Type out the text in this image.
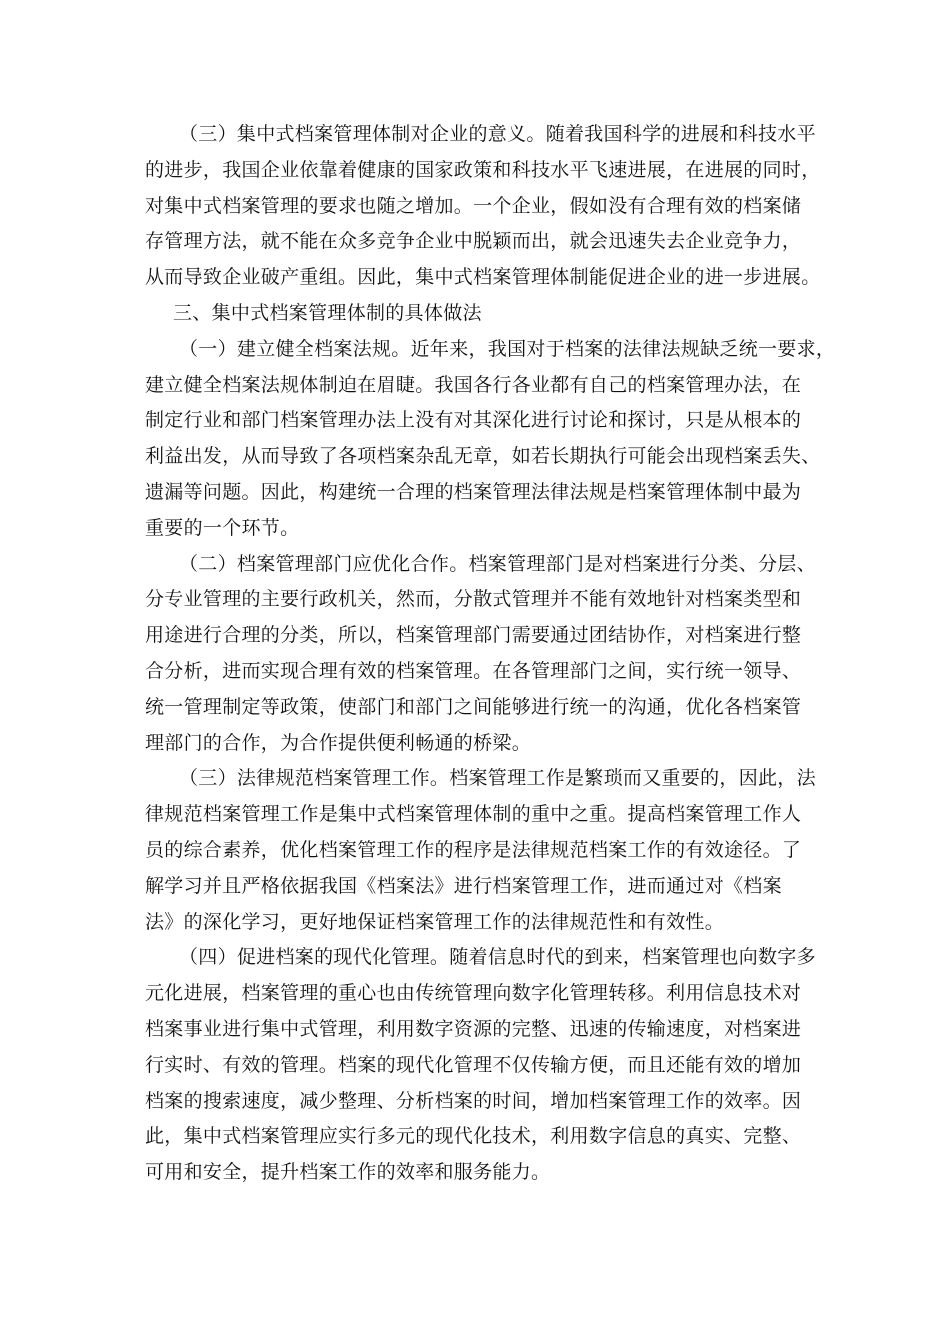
（三）集中式档案管理体制对企业的意义。随着我国科学的进展和科技水平
的进步，我国企业依靠着健康的国家政策和科技水平飞速进展，在进展的同时，
对集中式档案管理的要求也随之增加。一个企业，假如没有合理有效的档案储
存管理方法，就不能在众多竞争企业中脱颖而出，就会迅速失去企业竞争力，
从而导致企业破产重组。因此，集中式档案管理体制能促进企业的进一步进展。
三、集中式档案管理体制的具体做法
（一）建立健全档案法规。近年来，我国对于档案的法律法规缺乏统一要求，
建立健全档案法规体制迫在眉睫。我国各行各业都有自己的档案管理办法，在
制定行业和部门档案管理办法上没有对其深化进行讨论和探讨，只是从根本的
利益出发，从而导致了各项档案杂乱无章，如若长期执行可能会出现档案丢失、
遗漏等问题。因此，构建统一合理的档案管理法律法规是档案管理体制中最为
重要的一个环节。
（二）档案管理部门应优化合作。档案管理部门是对档案进行分类、分层、
分专业管理的主要行政机关，然而，分散式管理并不能有效地针对档案类型和
用途进行合理的分类，所以，档案管理部门需要通过团结协作，对档案进行整
合分析，进而实现合理有效的档案管理。在各管理部门之间，实行统一领导、
统一管理制定等政策，使部门和部门之间能够进行统一的沟通，优化各档案管
理部门的合作，为合作提供便利畅通的桥梁。
（三）法律规范档案管理工作。档案管理工作是繁琐而又重要的，因此，法
律规范档案管理工作是集中式档案管理体制的重中之重。提高档案管理工作人
员的综合素养，优化档案管理工作的程序是法律规范档案工作的有效途径。了
解学习并且严格依据我国《档案法》进行档案管理工作，进而通过对《档案
法》的深化学习，更好地保证档案管理工作的法律规范性和有效性。
（四）促进档案的现代化管理。随着信息时代的到来，档案管理也向数字多
元化进展，档案管理的重心也由传统管理向数字化管理转移。利用信息技术对
档案事业进行集中式管理，利用数字资源的完整、迅速的传输速度，对档案进
行实时、有效的管理。档案的现代化管理不仅传输方便，而且还能有效的增加
档案的搜索速度，减少整理、分析档案的时间，增加档案管理工作的效率。因
此，集中式档案管理应实行多元的现代化技术，利用数字信息的真实、完整、
可用和安全，提升档案工作的效率和服务能力。
